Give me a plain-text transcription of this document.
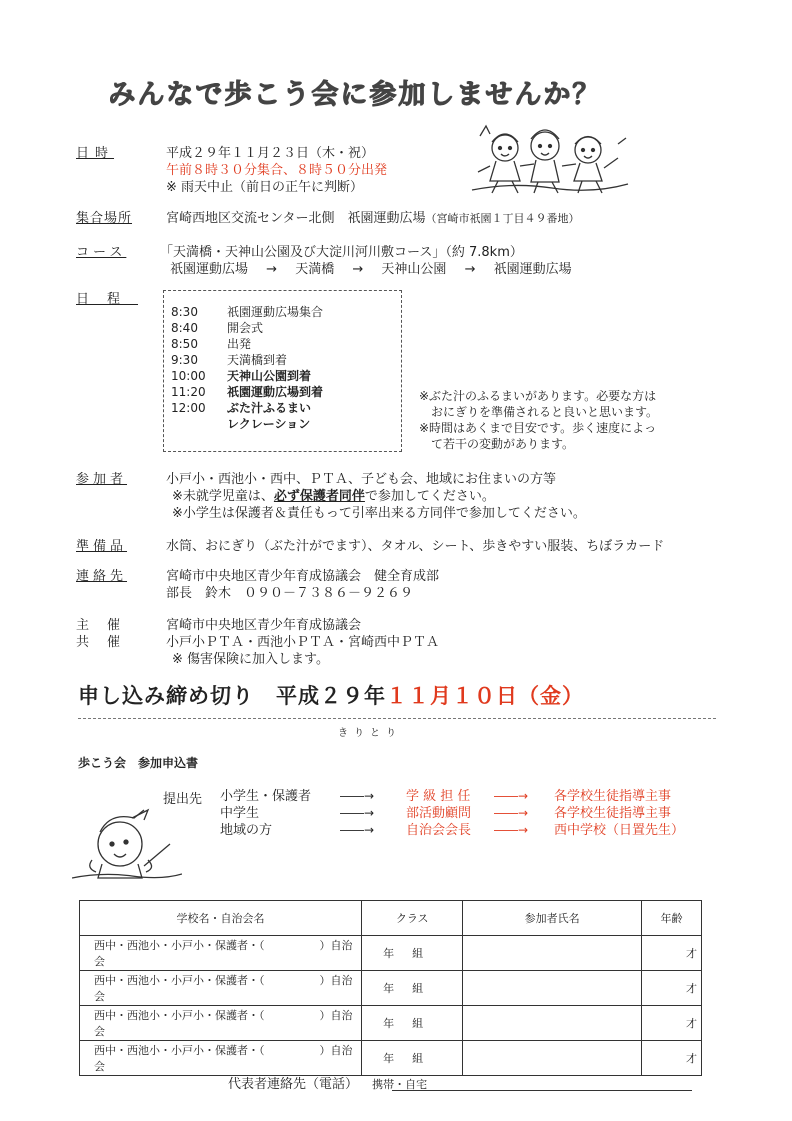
みんなで歩こう会に参加しませんか？
日時	平成２９年１１月２３日（木・祝）
午前８時３０分集合、８時５０分出発
※ 雨天中止（前日の正午に判断）
集合場所	宮崎西地区交流センター北側　祇園運動広場（宮崎市祇園１丁目４９番地）
コース	「天満橋・天神山公園及び大淀川河川敷コース」（約 7.8km）
祇園運動広場 → 天満橋 → 天神山公園 → 祇園運動広場
日程
8:30 祇園運動広場集合
8:40 開会式
8:50 出発
9:30 天満橋到着
10:00 天神山公園到着
11:20 祇園運動広場到着
12:00 ぶた汁ふるまい
レクレーション
※ぶた汁のふるまいがあります。必要な方は
おにぎりを準備されると良いと思います。
※時間はあくまで目安です。歩く速度によっ
て若干の変動があります。
参加者	小戸小・西池小・西中、ＰＴＡ、子ども会、地域にお住まいの方等
※未就学児童は、必ず保護者同伴で参加してください。
※小学生は保護者＆責任もって引率出来る方同伴で参加してください。
準備品	水筒、おにぎり（ぶた汁がでます）、タオル、シート、歩きやすい服装、ちぼラカード
連絡先	宮崎市中央地区青少年育成協議会　健全育成部
部長　鈴木　０９０－７３８６－９２６９
主催 宮崎市中央地区青少年育成協議会
共催 小戸小ＰＴＡ・西池小ＰＴＡ・宮崎西中ＰＴＡ
※ 傷害保険に加入します。
申し込み締め切り　平成２９年１１月１０日（金）
きりとり
歩こう会　参加申込書
提出先 小学生・保護者 ――→ 学 級 担 任 ――→ 各学校生徒指導主事
中学生	――→ 部活動顧問 ――→ 各学校生徒指導主事
地域の方	――→ 自治会会長 ――→ 西中学校（日置先生）
学校名・自治会名	クラス	参加者氏名	年齢
西中・西池小・小戸小・保護者・（　　　　　）自治会	年組		才
西中・西池小・小戸小・保護者・（　　　　　）自治会	年組		才
西中・西池小・小戸小・保護者・（　　　　　）自治会	年組		才
西中・西池小・小戸小・保護者・（　　　　　）自治会	年組		才
代表者連絡先（電話） 携帯・自宅
